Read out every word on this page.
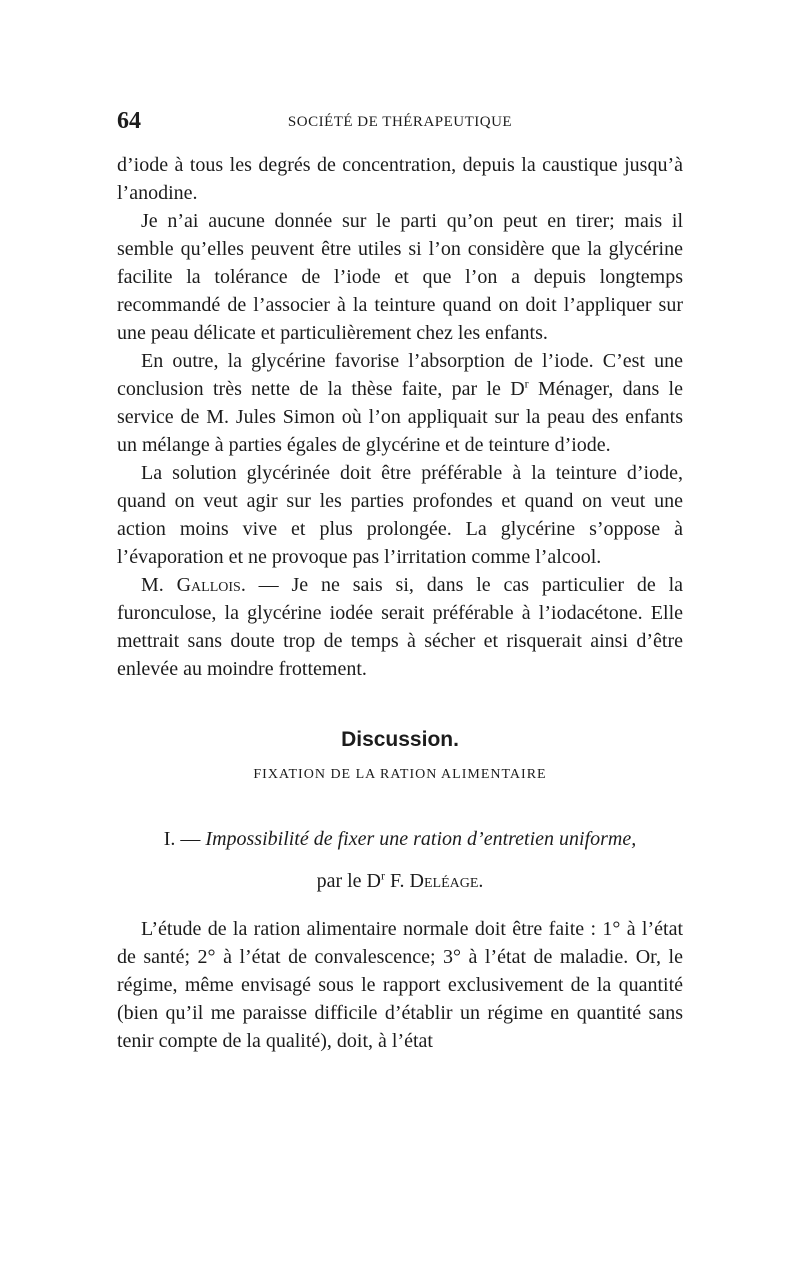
64	SOCIÉTÉ DE THÉRAPEUTIQUE

d’iode à tous les degrés de concentration, depuis la caustique jusqu’à l’anodine.

Je n’ai aucune donnée sur le parti qu’on peut en tirer; mais il semble qu’elles peuvent être utiles si l’on considère que la glycérine facilite la tolérance de l’iode et que l’on a depuis longtemps recommandé de l’associer à la teinture quand on doit l’appliquer sur une peau délicate et particulièrement chez les enfants.

En outre, la glycérine favorise l’absorption de l’iode. C’est une conclusion très nette de la thèse faite, par le $D^r$ Ménager, dans le service de M. Jules Simon où l’on appliquait sur la peau des enfants un mélange à parties égales de glycérine et de teinture d’iode.

La solution glycérinée doit être préférable à la teinture d’iode, quand on veut agir sur les parties profondes et quand on veut une action moins vive et plus prolongée. La glycérine s’oppose à l’évaporation et ne provoque pas l’irritation comme l’alcool.

M. Gallois. — Je ne sais si, dans le cas particulier de la furonculose, la glycérine iodée serait préférable à l’iodacétone. Elle mettrait sans doute trop de temps à sécher et risquerait ainsi d’être enlevée au moindre frottement.

Discussion.
FIXATION DE LA RATION ALIMENTAIRE
I. — Impossibilité de fixer une ration d’entretien uniforme,
par le $D^r$ F. Deléage.

L’étude de la ration alimentaire normale doit être faite : 1° à l’état de santé; 2° à l’état de convalescence; 3° à l’état de maladie. Or, le régime, même envisagé sous le rapport exclusivement de la quantité (bien qu’il me paraisse difficile d’établir un régime en quantité sans tenir compte de la qualité), doit, à l’état
